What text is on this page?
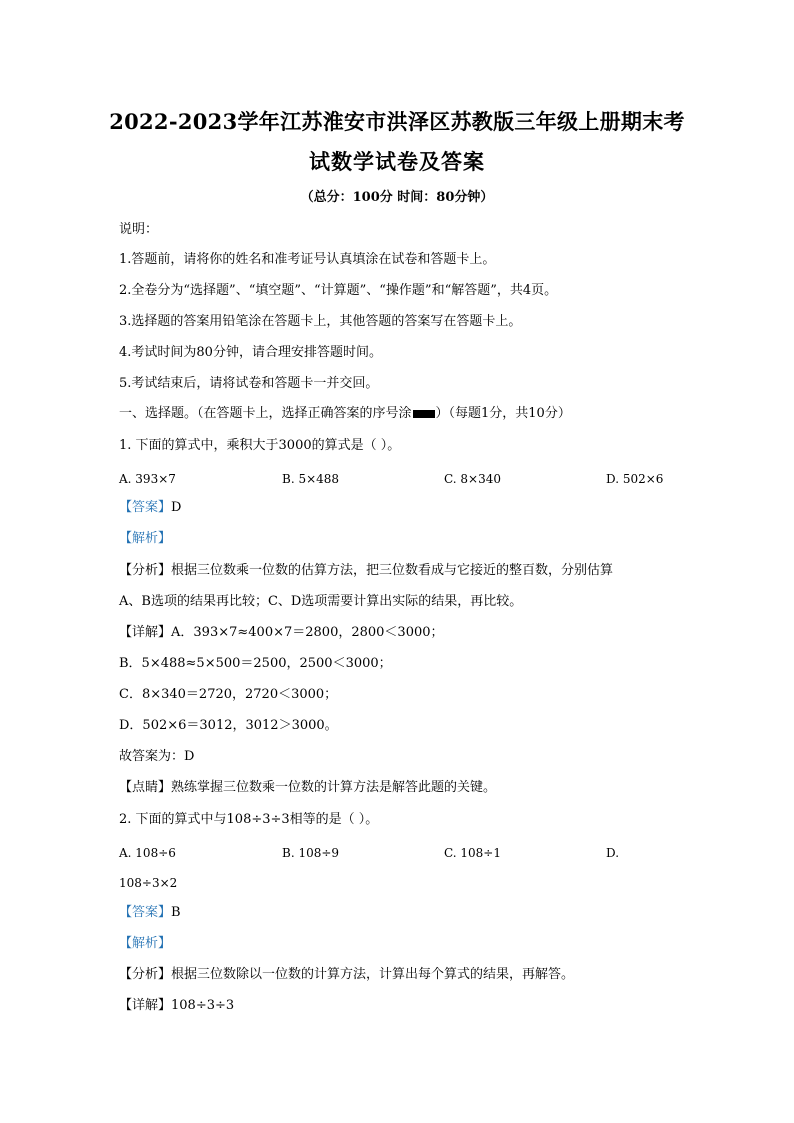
2022-2023学年江苏淮安市洪泽区苏教版三年级上册期末考
试数学试卷及答案
（总分：100分 时间：80分钟）
说明：
1.答题前，请将你的姓名和准考证号认真填涂在试卷和答题卡上。
2.全卷分为“选择题”、“填空题”、“计算题”、“操作题”和“解答题”，共4页。
3.选择题的答案用铅笔涂在答题卡上，其他答题的答案写在答题卡上。
4.考试时间为80分钟，请合理安排答题时间。
5.考试结束后，请将试卷和答题卡一并交回。
一、选择题。（在答题卡上，选择正确答案的序号涂 ）（每题1分，共10分）
1. 下面的算式中，乘积大于3000的算式是（ ）。
A. 393×7	B. 5×488	C. 8×340	D. 502×6
【答案】D
【解析】
【分析】根据三位数乘一位数的估算方法，把三位数看成与它接近的整百数，分别估算
A、B选项的结果再比较；C、D选项需要计算出实际的结果，再比较。
【详解】A．393×7≈400×7＝2800，2800＜3000；
B．5×488≈5×500＝2500，2500＜3000；
C．8×340＝2720，2720＜3000；
D．502×6＝3012，3012＞3000。
故答案为：D
【点睛】熟练掌握三位数乘一位数的计算方法是解答此题的关键。
2. 下面的算式中与108÷3÷3相等的是（ ）。
A. 108÷6	B. 108÷9	C. 108÷1	D.
108÷3×2
【答案】B
【解析】
【分析】根据三位数除以一位数的计算方法，计算出每个算式的结果，再解答。
【详解】108÷3÷3
